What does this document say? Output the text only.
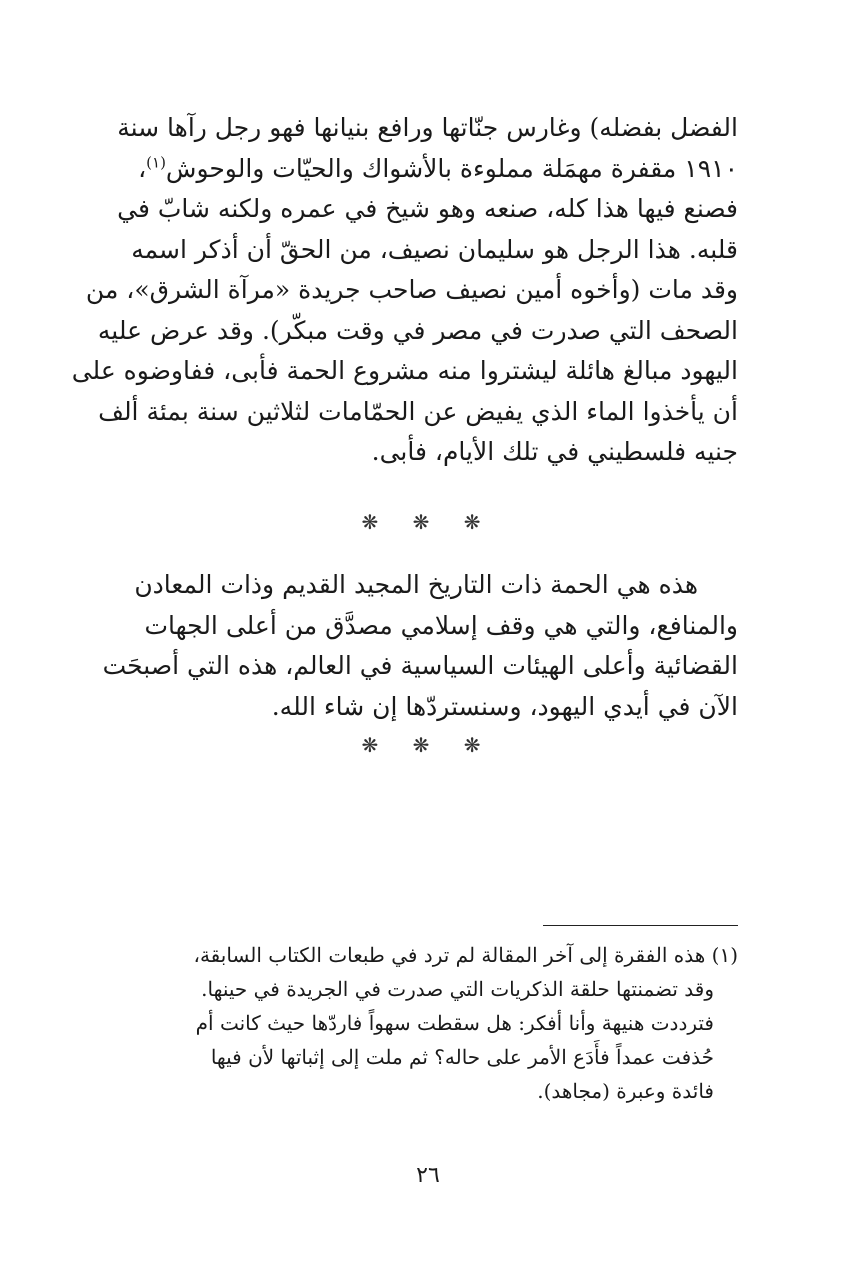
الفضل بفضله) وغارس جنّاتها ورافع بنيانها فهو رجل رآها سنة
١٩١٠ مقفرة مهمَلة مملوءة بالأشواك والحيّات والوحوش$^{(١)}$،
فصنع فيها هذا كله، صنعه وهو شيخ في عمره ولكنه شابّ في
قلبه. هذا الرجل هو سليمان نصيف، من الحقّ أن أذكر اسمه
وقد مات (وأخوه أمين نصيف صاحب جريدة «مرآة الشرق»، من
الصحف التي صدرت في مصر في وقت مبكّر). وقد عرض عليه
اليهود مبالغ هائلة ليشتروا منه مشروع الحمة فأبى، ففاوضوه على
أن يأخذوا الماء الذي يفيض عن الحمّامات لثلاثين سنة بمئة ألف
جنيه فلسطيني في تلك الأيام، فأبى.

❋ ❋ ❋

هذه هي الحمة ذات التاريخ المجيد القديم وذات المعادن
والمنافع، والتي هي وقف إسلامي مصدَّق من أعلى الجهات
القضائية وأعلى الهيئات السياسية في العالم، هذه التي أصبحَت
الآن في أيدي اليهود، وسنستردّها إن شاء الله.

❋ ❋ ❋

(١) هذه الفقرة إلى آخر المقالة لم ترد في طبعات الكتاب السابقة،
وقد تضمنتها حلقة الذكريات التي صدرت في الجريدة في حينها.
فترددت هنيهة وأنا أفكر: هل سقطت سهواً فاردّها حيث كانت أم
حُذفت عمداً فأَدَع الأمر على حاله؟ ثم ملت إلى إثباتها لأن فيها
فائدة وعبرة (مجاهد).

٢٦
